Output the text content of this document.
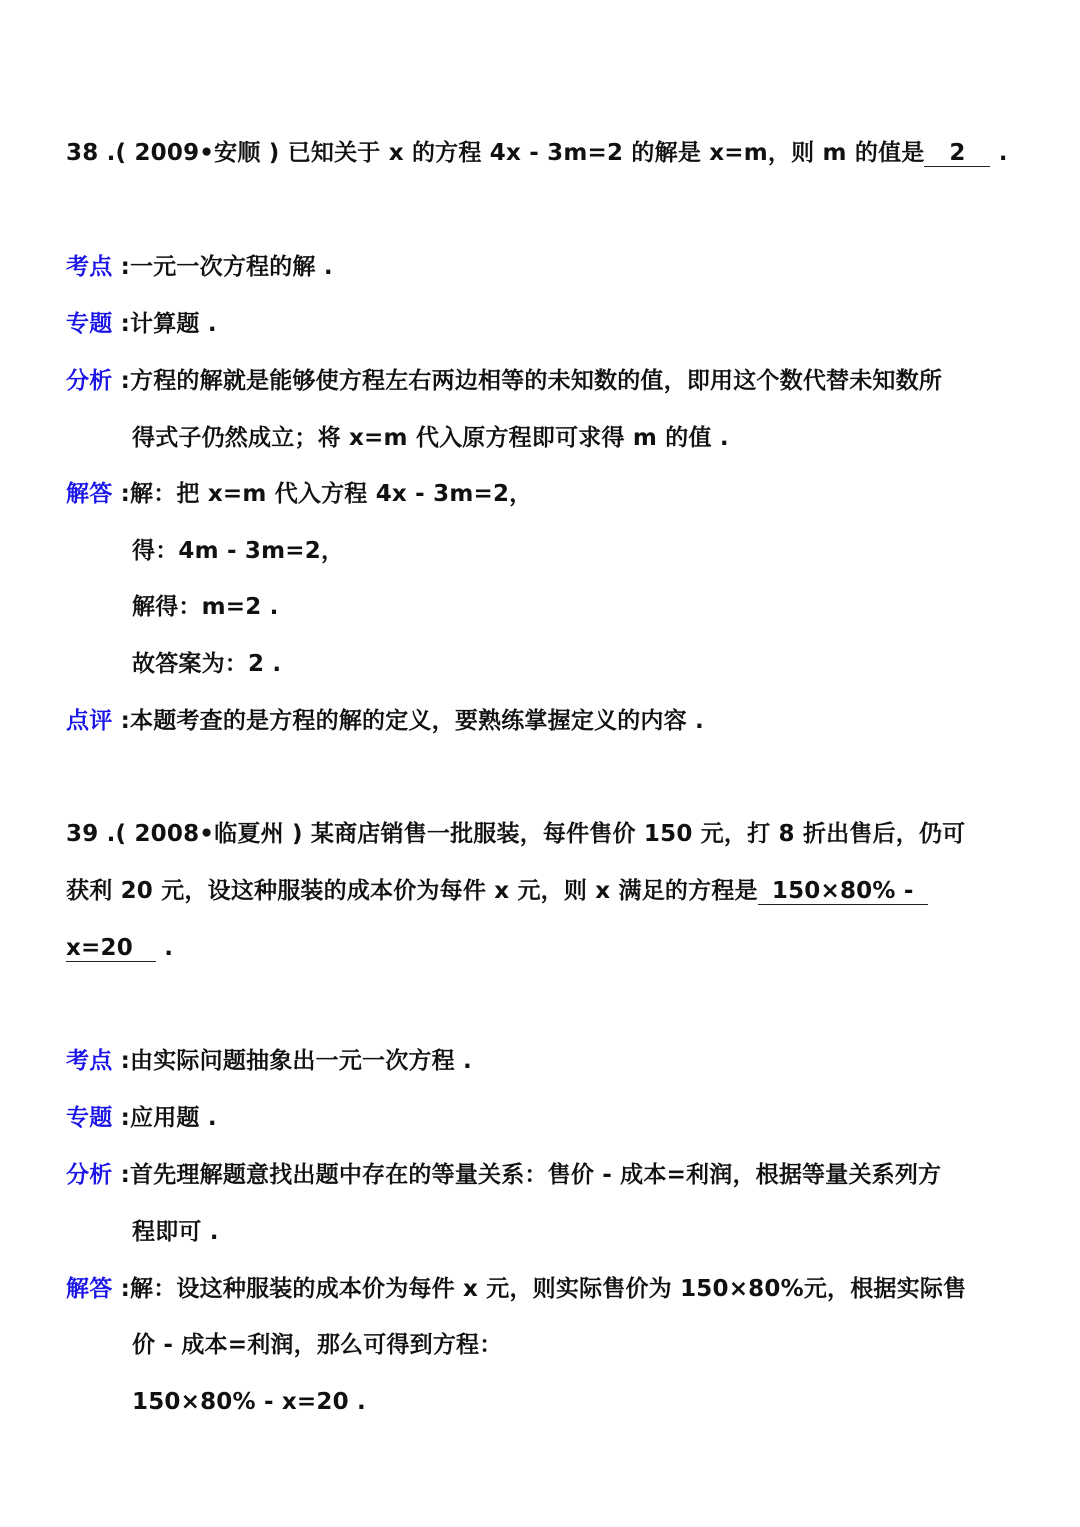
38 .( 2009•安顺 ) 已知关于 x 的方程 4x - 3m=2 的解是 x=m，则 m 的值是 2 .
考点 :一元一次方程的解 .
专题 :计算题 .
分析 :方程的解就是能够使方程左右两边相等的未知数的值，即用这个数代替未知数所
得式子仍然成立；将 x=m 代入原方程即可求得 m 的值 .
解答 :解：把 x=m 代入方程 4x - 3m=2，
得：4m - 3m=2，
解得：m=2 .
故答案为：2 .
点评 :本题考查的是方程的解的定义，要熟练掌握定义的内容 .
39 .( 2008•临夏州 ) 某商店销售一批服装，每件售价 150 元，打 8 折出售后，仍可
获利 20 元，设这种服装的成本价为每件 x 元，则 x 满足的方程是 150×80% -
x=20 .
考点 :由实际问题抽象出一元一次方程 .
专题 :应用题 .
分析 :首先理解题意找出题中存在的等量关系：售价 - 成本=利润，根据等量关系列方
程即可 .
解答 :解：设这种服装的成本价为每件 x 元，则实际售价为 150×80%元，根据实际售
价 - 成本=利润，那么可得到方程：
150×80% - x=20 .
